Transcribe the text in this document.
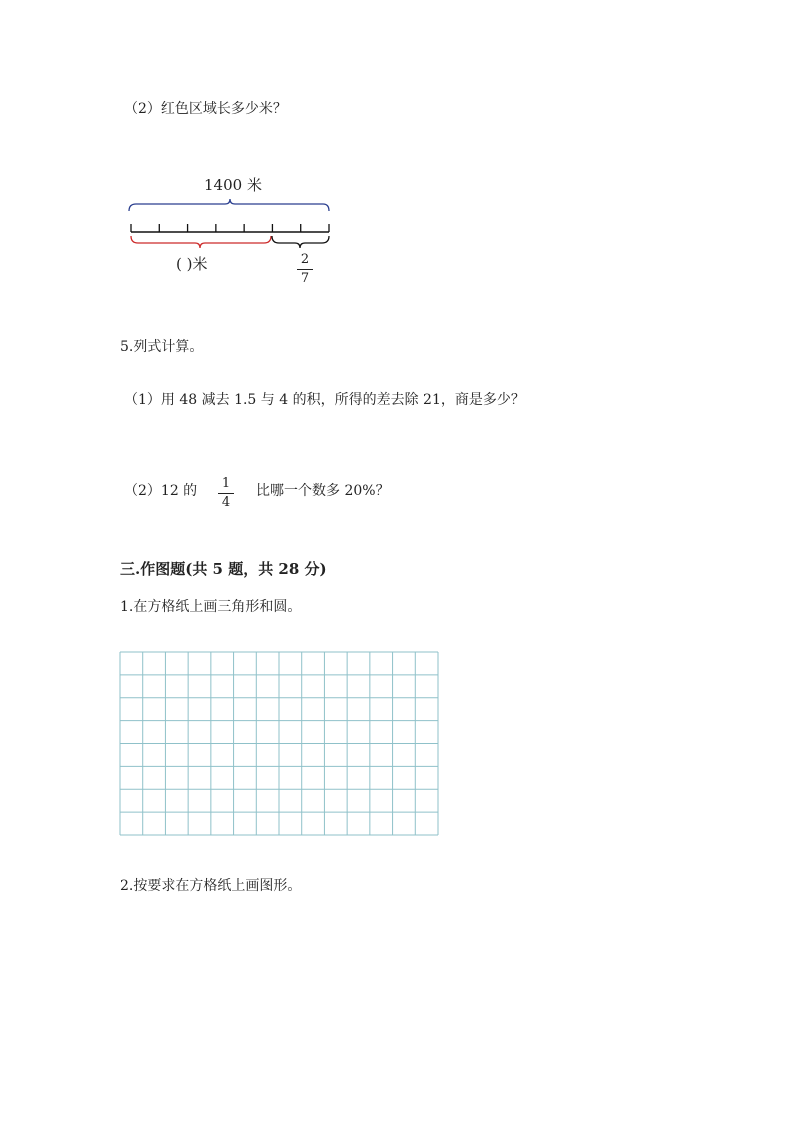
（2）红色区域长多少米？
1400 米
( )米	2
7
5.列式计算。
（1）用 48 减去 1.5 与 4 的积，所得的差去除 21，商是多少？
（2）12 的 1
4
比哪一个数多 20%？
三.作图题(共 5 题，共 28 分)
1.在方格纸上画三角形和圆。
2.按要求在方格纸上画图形。
